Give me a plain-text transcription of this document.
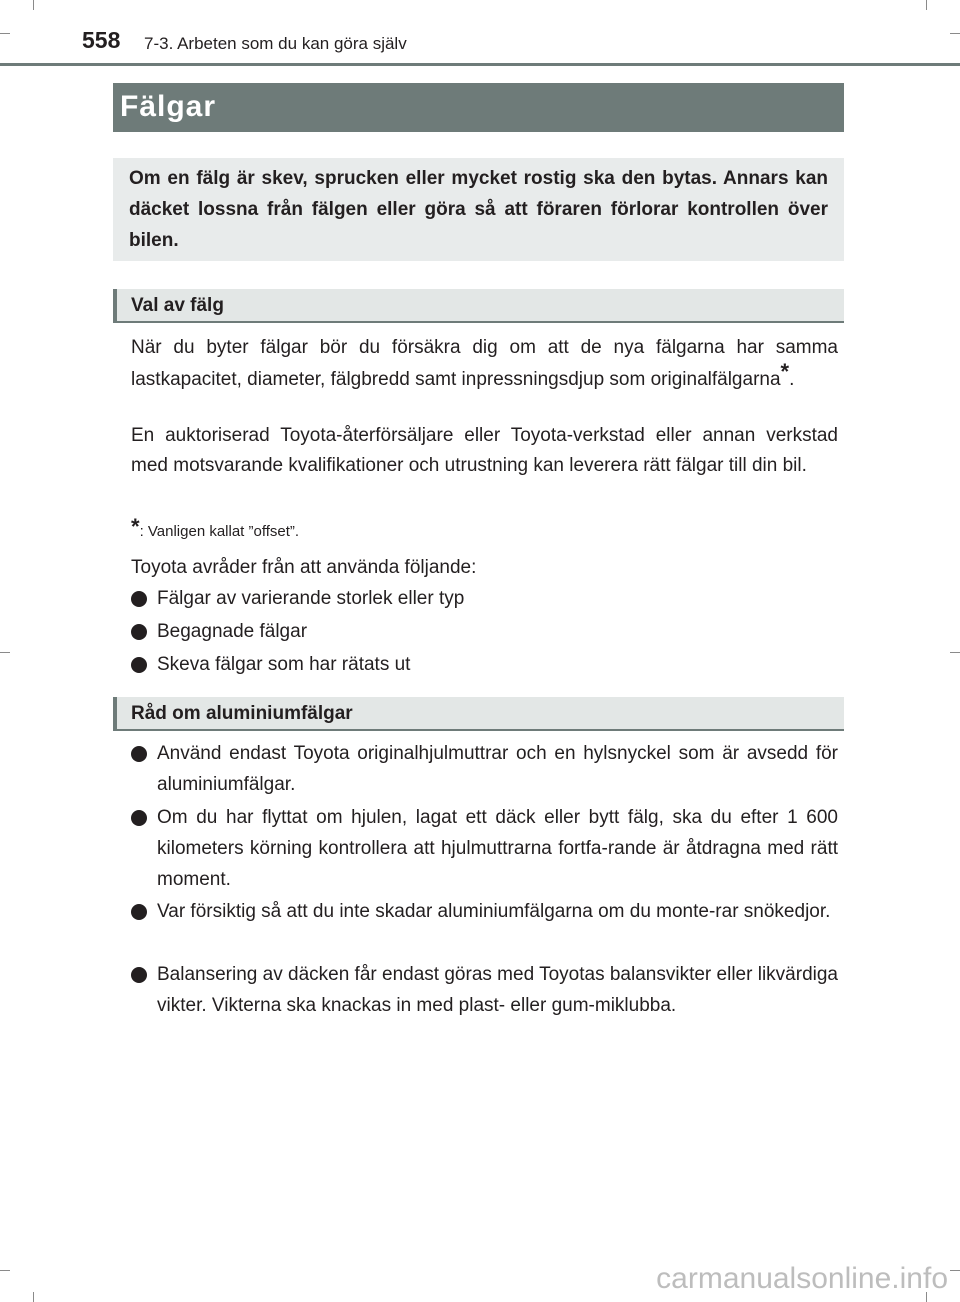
558 7-3. Arbeten som du kan göra själv
Fälgar
Om en fälg är skev, sprucken eller mycket rostig ska den bytas. Annars kan däcket lossna från fälgen eller göra så att föraren förlorar kontrollen över bilen.
Val av fälg

När du byter fälgar bör du försäkra dig om att de nya fälgarna har samma lastkapacitet, diameter, fälgbredd samt inpressningsdjup som originalfälgarna*.

En auktoriserad Toyota-återförsäljare eller Toyota-verkstad eller annan verkstad med motsvarande kvalifikationer och utrustning kan leverera rätt fälgar till din bil.

*: Vanligen kallat ”offset”.

Toyota avråder från att använda följande:

Fälgar av varierande storlek eller typ
Begagnade fälgar
Skeva fälgar som har rätats ut
Råd om aluminiumfälgar
Använd endast Toyota originalhjulmuttrar och en hylsnyckel som är avsedd för aluminiumfälgar.
Om du har flyttat om hjulen, lagat ett däck eller bytt fälg, ska du efter 1 600 kilometers körning kontrollera att hjulmuttrarna fortfa-rande är åtdragna med rätt moment.
Var försiktig så att du inte skadar aluminiumfälgarna om du monte-rar snökedjor.
Balansering av däcken får endast göras med Toyotas balansvikter eller likvärdiga vikter. Vikterna ska knackas in med plast- eller gum-miklubba.
carmanualsonline.info
